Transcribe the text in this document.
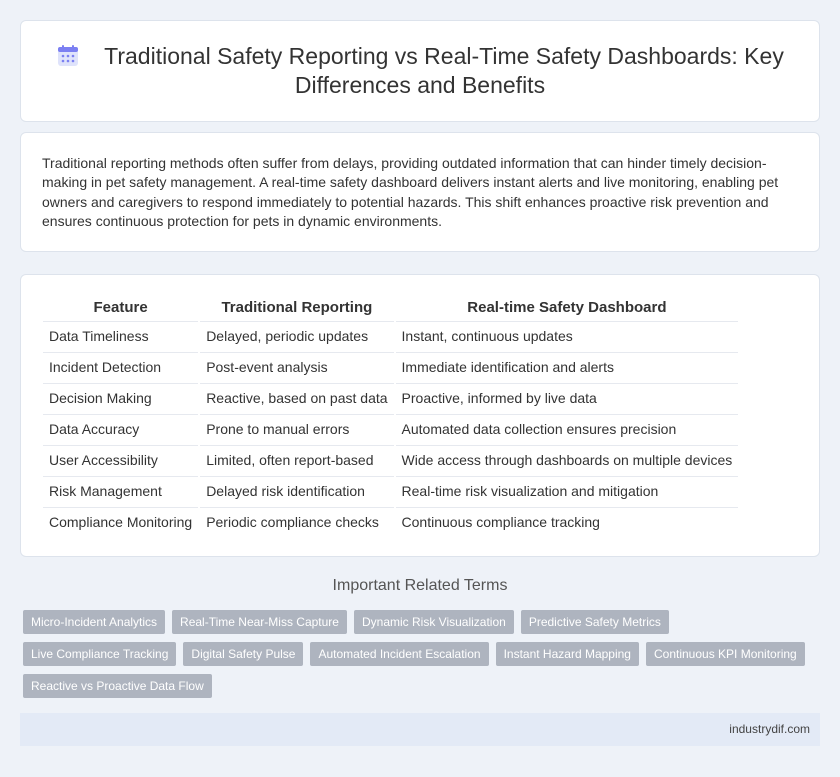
Traditional Safety Reporting vs Real-Time Safety Dashboards: Key Differences and Benefits

Traditional reporting methods often suffer from delays, providing outdated information that can hinder timely decision-making in pet safety management. A real-time safety dashboard delivers instant alerts and live monitoring, enabling pet owners and caregivers to respond immediately to potential hazards. This shift enhances proactive risk prevention and ensures continuous protection for pets in dynamic environments.

Feature	Traditional Reporting	Real-time Safety Dashboard
Data Timeliness	Delayed, periodic updates	Instant, continuous updates
Incident Detection	Post-event analysis	Immediate identification and alerts
Decision Making	Reactive, based on past data	Proactive, informed by live data
Data Accuracy	Prone to manual errors	Automated data collection ensures precision
User Accessibility	Limited, often report-based	Wide access through dashboards on multiple devices
Risk Management	Delayed risk identification	Real-time risk visualization and mitigation
Compliance Monitoring	Periodic compliance checks	Continuous compliance tracking
Important Related Terms
Micro-Incident Analytics	Real-Time Near-Miss Capture	Dynamic Risk Visualization	Predictive Safety Metrics
Live Compliance Tracking	Digital Safety Pulse	Automated Incident Escalation	Instant Hazard Mapping	Continuous KPI Monitoring
Reactive vs Proactive Data Flow
industrydif.com
